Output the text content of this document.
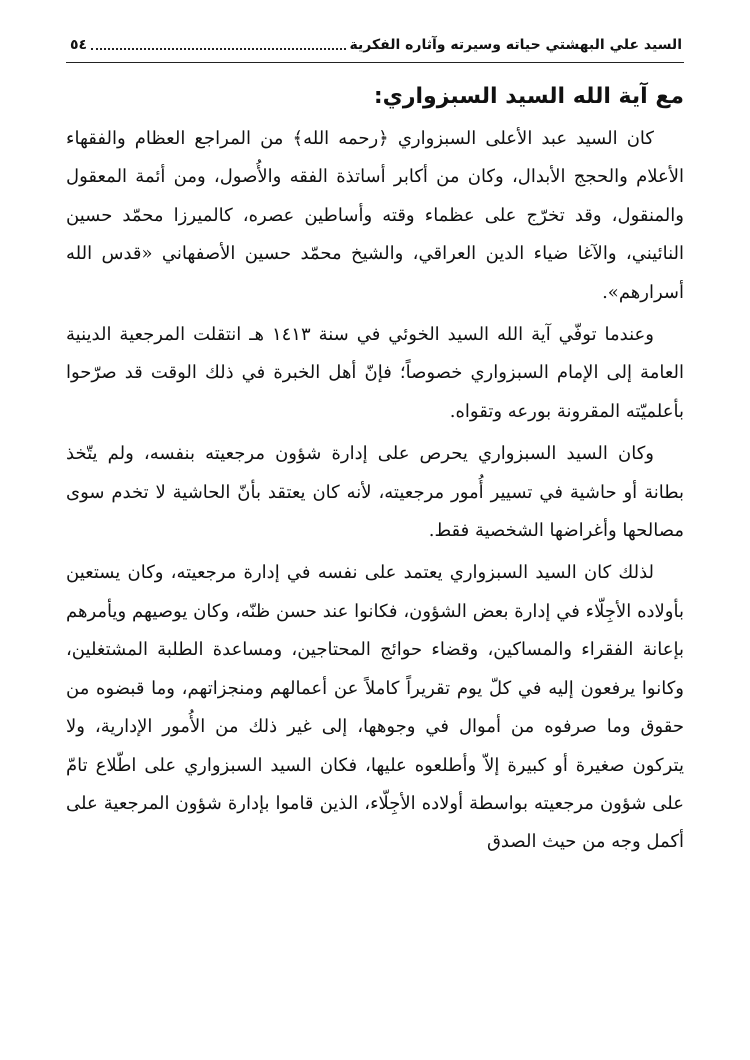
السيد علي البهشتي حياته وسيرته وآثاره الفكرية
٥٤
مع آية الله السيد السبزواري:

كان السيد عبد الأعلى السبزواري ﴿رحمه الله﴾ من المراجع العظام والفقهاء الأعلام والحجج الأبدال، وكان من أكابر أساتذة الفقه والأُصول، ومن أئمة المعقول والمنقول، وقد تخرّج على عظماء وقته وأساطين عصره، كالميرزا محمّد حسين النائيني، والآغا ضياء الدين العراقي، والشيخ محمّد حسين الأصفهاني «قدس الله أسرارهم».

وعندما توفّي آية الله السيد الخوئي في سنة ١٤١٣ هـ انتقلت المرجعية الدينية العامة إلى الإمام السبزواري خصوصاً؛ فإنّ أهل الخبرة في ذلك الوقت قد صرّحوا بأعلميّته المقرونة بورعه وتقواه.

وكان السيد السبزواري يحرص على إدارة شؤون مرجعيته بنفسه، ولم يتّخذ بطانة أو حاشية في تسيير أُمور مرجعيته، لأنه كان يعتقد بأنّ الحاشية لا تخدم سوى مصالحها وأغراضها الشخصية فقط.

لذلك كان السيد السبزواري يعتمد على نفسه في إدارة مرجعيته، وكان يستعين بأولاده الأجِلّاء في إدارة بعض الشؤون، فكانوا عند حسن ظنّه، وكان يوصيهم ويأمرهم بإعانة الفقراء والمساكين، وقضاء حوائج المحتاجين، ومساعدة الطلبة المشتغلين، وكانوا يرفعون إليه في كلّ يوم تقريراً كاملاً عن أعمالهم ومنجزاتهم، وما قبضوه من حقوق وما صرفوه من أموال في وجوهها، إلى غير ذلك من الأُمور الإدارية، ولا يتركون صغيرة أو كبيرة إلاّ وأطلعوه عليها، فكان السيد السبزواري على اطّلاع تامّ على شؤون مرجعيته بواسطة أولاده الأجِلّاء، الذين قاموا بإدارة شؤون المرجعية على أكمل وجه من حيث الصدق
